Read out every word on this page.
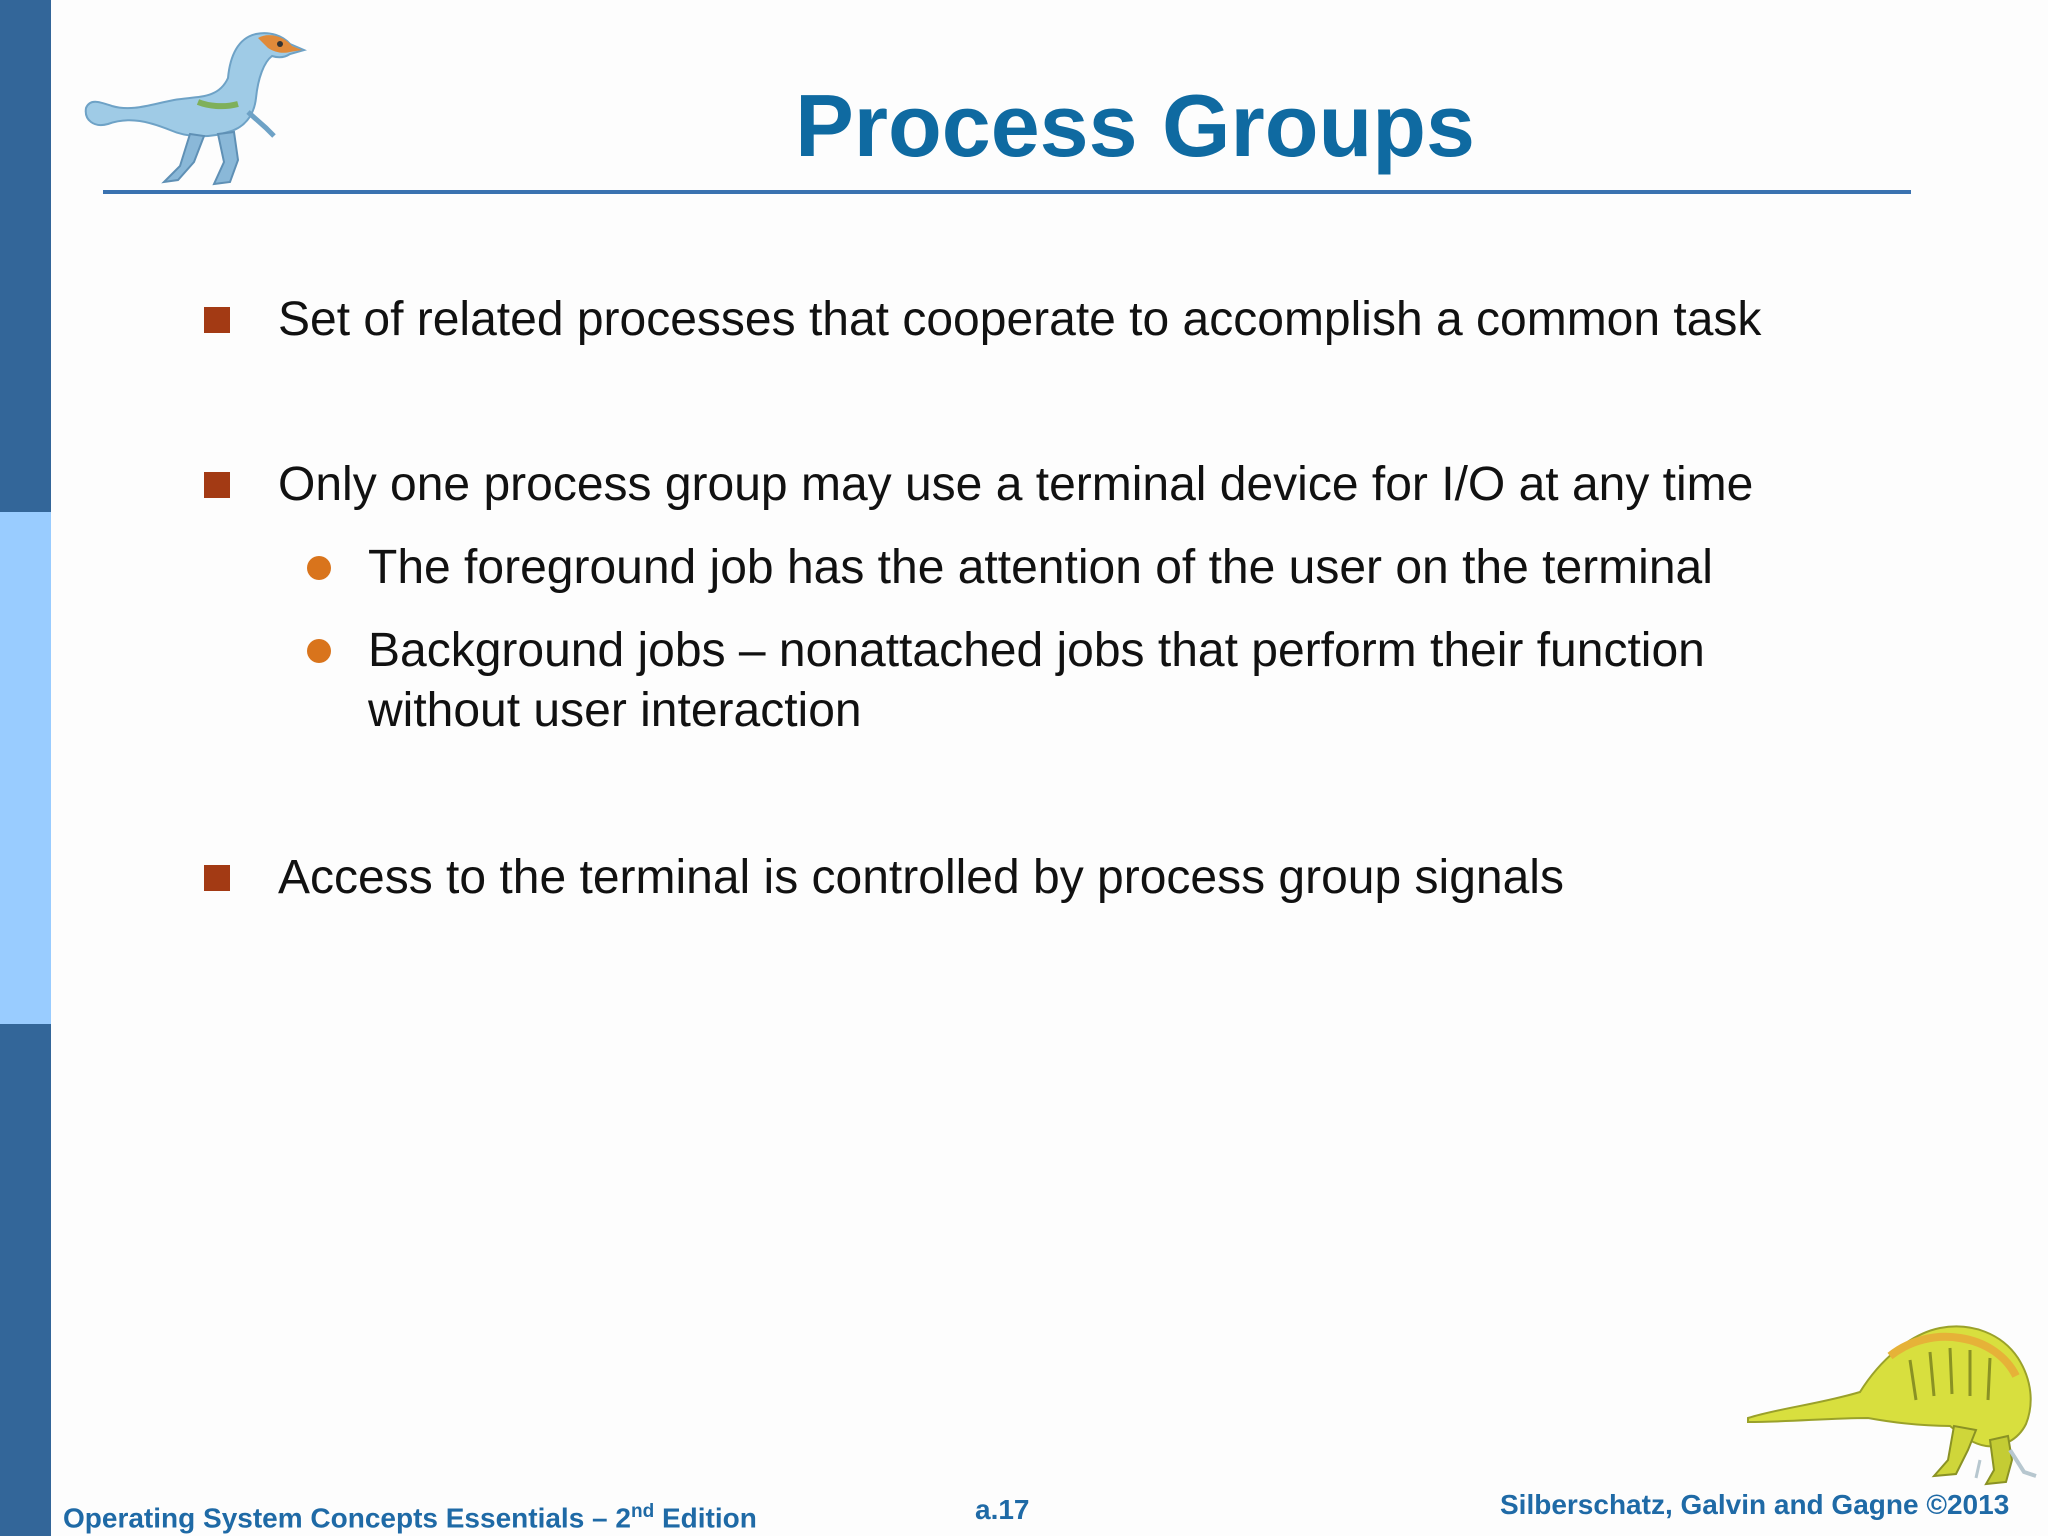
Process Groups
Set of related processes that cooperate to accomplish a common task
Only one process group may use a terminal device for I/O at any time
The foreground job has the attention of the user on the terminal
Background jobs – nonattached jobs that perform their function
without user interaction
Access to the terminal is controlled by process group signals
Operating System Concepts Essentials – 2nd Edition	a.17	Silberschatz, Galvin and Gagne ©2013
